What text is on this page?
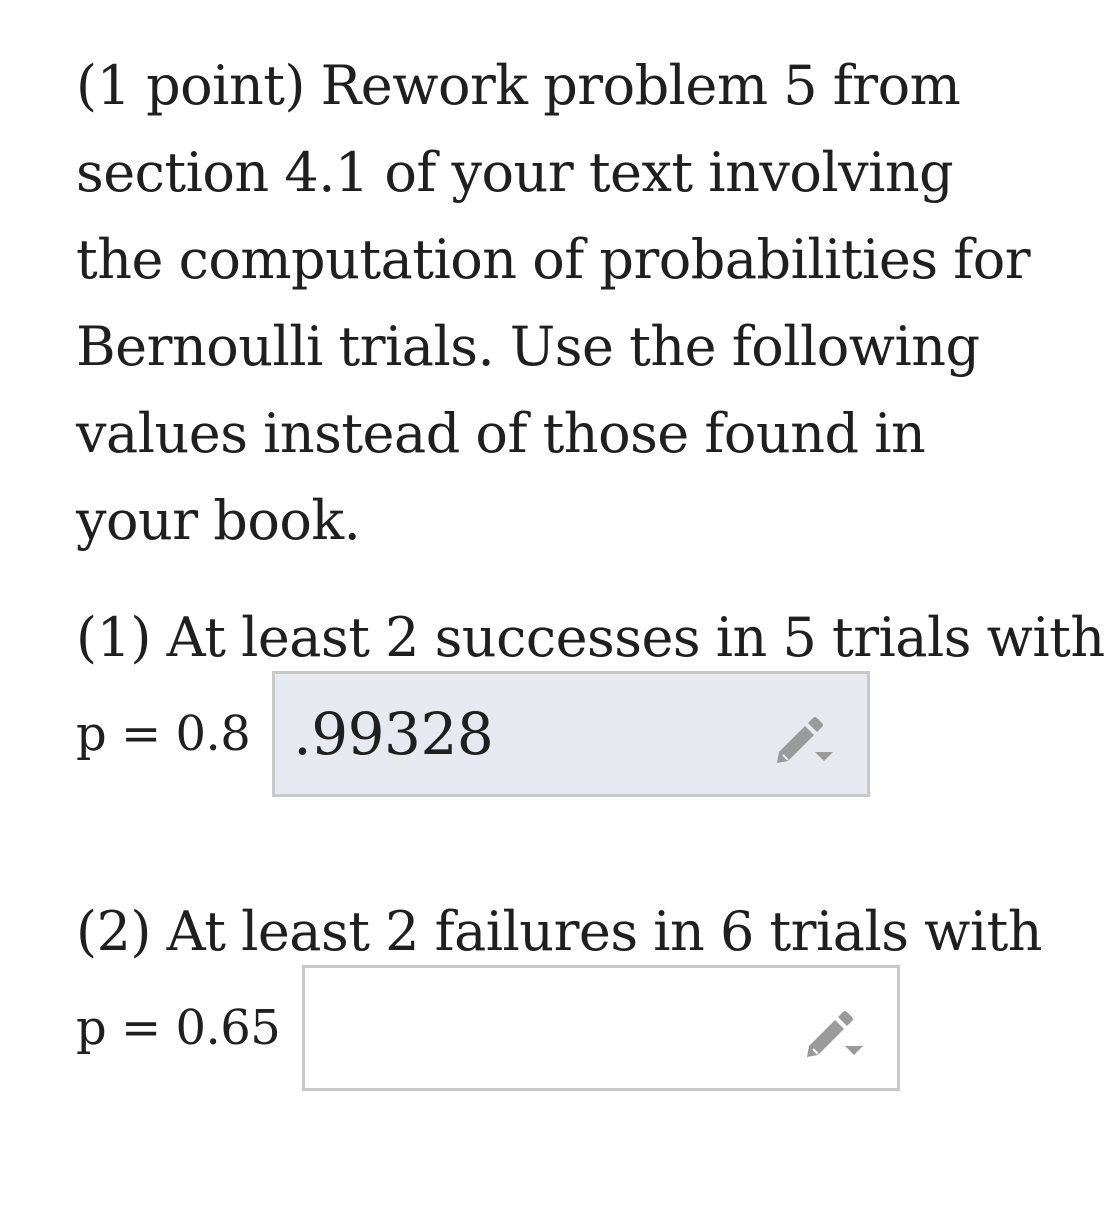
(1 point) Rework problem 5 from section 4.1 of your text involving the computation of probabilities for Bernoulli trials. Use the following values instead of those found in your book.

(1) At least 2 successes in 5 trials with
p = 0.8 .99328
(2) At least 2 failures in 6 trials with
p = 0.65
